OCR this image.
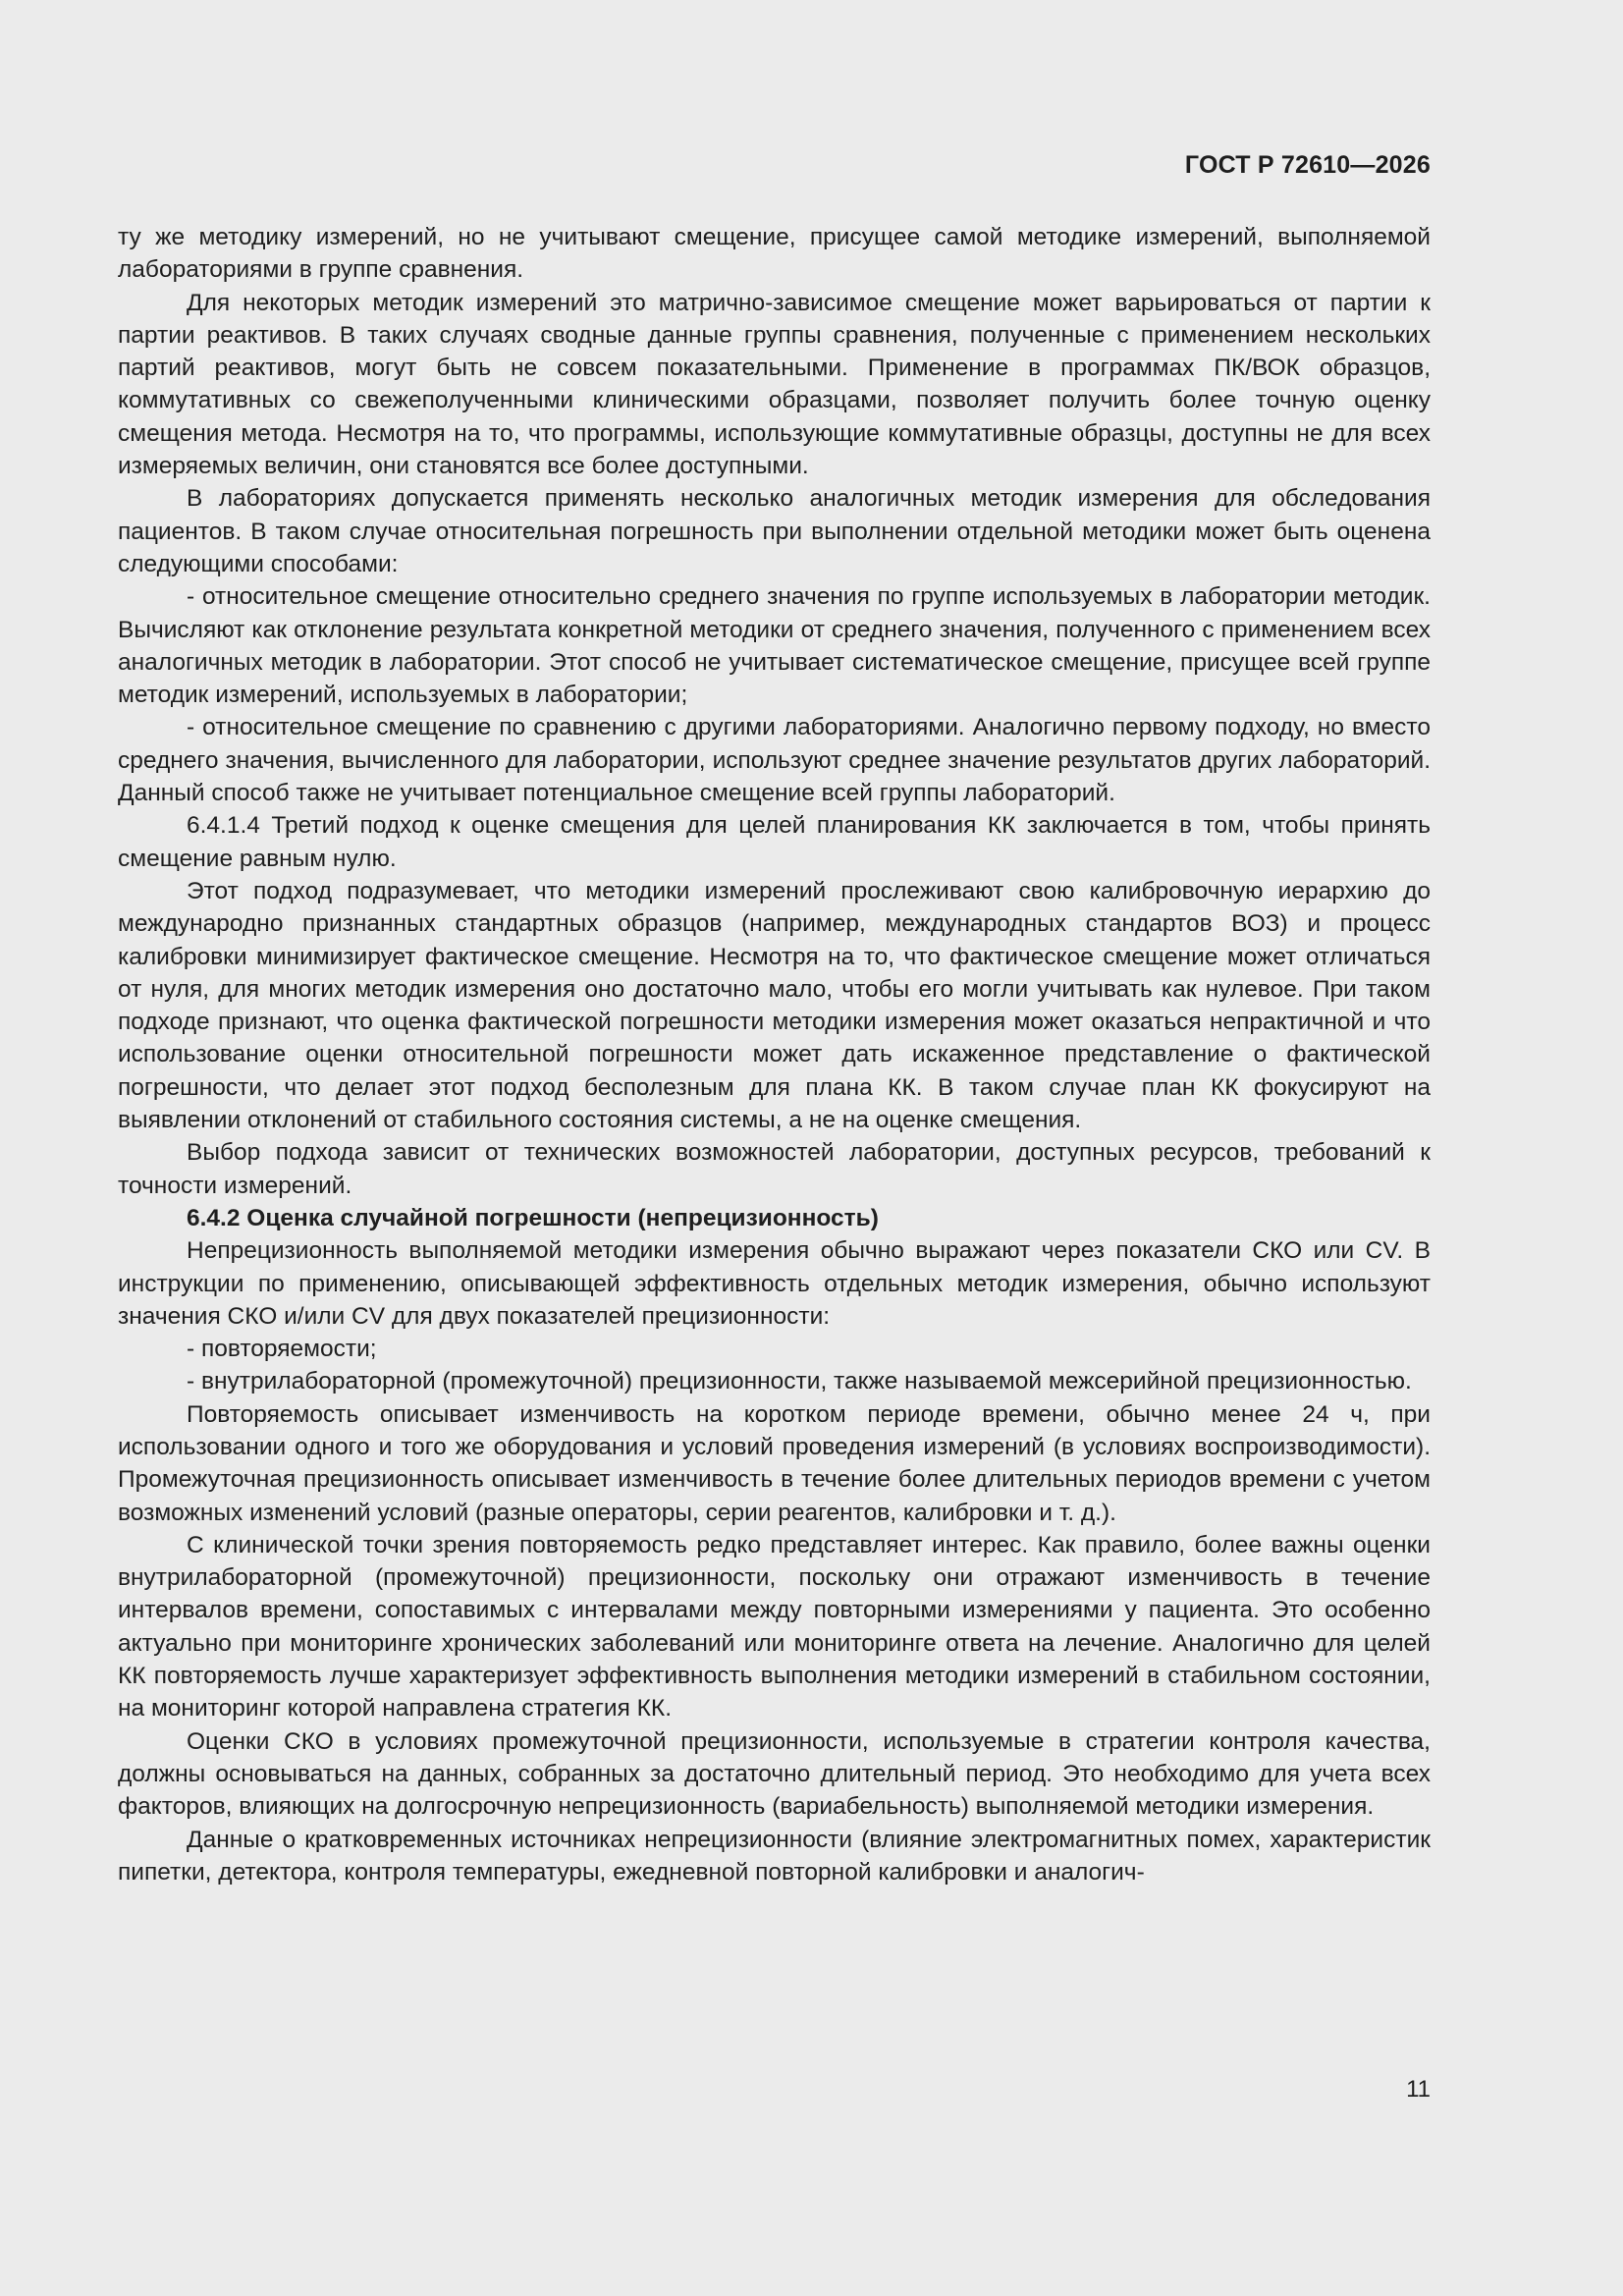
ГОСТ Р 72610—2026

ту же методику измерений, но не учитывают смещение, присущее самой методике измерений, выполняемой лабораториями в группе сравнения.

Для некоторых методик измерений это матрично-зависимое смещение может варьироваться от партии к партии реактивов. В таких случаях сводные данные группы сравнения, полученные с применением нескольких партий реактивов, могут быть не совсем показательными. Применение в программах ПК/ВОК образцов, коммутативных со свежеполученными клиническими образцами, позволяет получить более точную оценку смещения метода. Несмотря на то, что программы, использующие коммутативные образцы, доступны не для всех измеряемых величин, они становятся все более доступными.

В лабораториях допускается применять несколько аналогичных методик измерения для обследования пациентов. В таком случае относительная погрешность при выполнении отдельной методики может быть оценена следующими способами:

- относительное смещение относительно среднего значения по группе используемых в лаборатории методик. Вычисляют как отклонение результата конкретной методики от среднего значения, полученного с применением всех аналогичных методик в лаборатории. Этот способ не учитывает систематическое смещение, присущее всей группе методик измерений, используемых в лаборатории;

- относительное смещение по сравнению с другими лабораториями. Аналогично первому подходу, но вместо среднего значения, вычисленного для лаборатории, используют среднее значение результатов других лабораторий. Данный способ также не учитывает потенциальное смещение всей группы лабораторий.

6.4.1.4 Третий подход к оценке смещения для целей планирования КК заключается в том, чтобы принять смещение равным нулю.

Этот подход подразумевает, что методики измерений прослеживают свою калибровочную иерархию до международно признанных стандартных образцов (например, международных стандартов ВОЗ) и процесс калибровки минимизирует фактическое смещение. Несмотря на то, что фактическое смещение может отличаться от нуля, для многих методик измерения оно достаточно мало, чтобы его могли учитывать как нулевое. При таком подходе признают, что оценка фактической погрешности методики измерения может оказаться непрактичной и что использование оценки относительной погрешности может дать искаженное представление о фактической погрешности, что делает этот подход бесполезным для плана КК. В таком случае план КК фокусируют на выявлении отклонений от стабильного состояния системы, а не на оценке смещения.

Выбор подхода зависит от технических возможностей лаборатории, доступных ресурсов, требований к точности измерений.

6.4.2 Оценка случайной погрешности (непрецизионность)

Непрецизионность выполняемой методики измерения обычно выражают через показатели СКО или CV. В инструкции по применению, описывающей эффективность отдельных методик измерения, обычно используют значения СКО и/или CV для двух показателей прецизионности:

- повторяемости;

- внутрилабораторной (промежуточной) прецизионности, также называемой межсерийной прецизионностью.

Повторяемость описывает изменчивость на коротком периоде времени, обычно менее 24 ч, при использовании одного и того же оборудования и условий проведения измерений (в условиях воспроизводимости). Промежуточная прецизионность описывает изменчивость в течение более длительных периодов времени с учетом возможных изменений условий (разные операторы, серии реагентов, калибровки и т. д.).

С клинической точки зрения повторяемость редко представляет интерес. Как правило, более важны оценки внутрилабораторной (промежуточной) прецизионности, поскольку они отражают изменчивость в течение интервалов времени, сопоставимых с интервалами между повторными измерениями у пациента. Это особенно актуально при мониторинге хронических заболеваний или мониторинге ответа на лечение. Аналогично для целей КК повторяемость лучше характеризует эффективность выполнения методики измерений в стабильном состоянии, на мониторинг которой направлена стратегия КК.

Оценки СКО в условиях промежуточной прецизионности, используемые в стратегии контроля качества, должны основываться на данных, собранных за достаточно длительный период. Это необходимо для учета всех факторов, влияющих на долгосрочную непрецизионность (вариабельность) выполняемой методики измерения.

Данные о кратковременных источниках непрецизионности (влияние электромагнитных помех, характеристик пипетки, детектора, контроля температуры, ежедневной повторной калибровки и аналогич-

11
